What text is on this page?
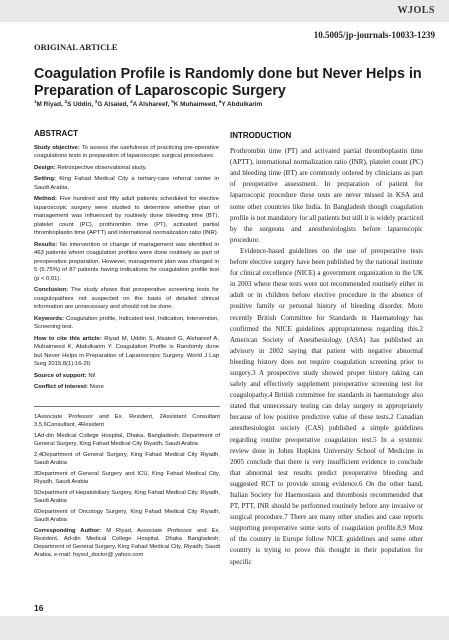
WJOLS
10.5005/jp-journals-10033-1239
ORIGINAL ARTICLE
Coagulation Profile is Randomly done but Never Helps in Preparation of Laparoscopic Surgery
$^1$M Riyad, $^2$S Uddin, $^3$G Alsaied, $^4$A Alshareef, $^5$K Muhaimeed, $^6$Y Abdulkarim
ABSTRACT

Study objective: To assess the usefulness of practicing pre-operative coagulations tests in preparation of laparoscopic surgical procedures.

Design: Retrospective observational study.

Setting: King Fahad Medical City a tertiary-care referral center in Saudi Arabia.

Method: Five hundred and fifty adult patients scheduled for elective laparoscopic surgery were studied to determine whether plan of management was influenced by routinely done bleeding time (BT), platelet count (PC), prothrombin time (PT), activated partial thromboplastin time (APTT) and international normalization ratio (INR).

Results: No intervention or change of management was identified in 463 patients whom coagulation profiles were done routinely as part of preoperative preparation. However, management plan was changed in 5 (5.75%) of 87 patients having indications for coagulation profile test (p < 0.01).

Conclusion: The study shows that preoperative screening tests for coagulopathies not suspected on the basis of detailed clinical information are unnecessary and should not be done.

Keywords: Coagulation profile, Indicated test, Indication, Intervention, Screening test.

How to cite this article: Riyad M, Uddin S, Alsaied G, Alshareef A, Muhaimeed K, Abdulkarim Y. Coagulation Profile is Randomly done but Never Helps in Preparation of Laparoscopic Surgery. World J Lap Surg 2015;8(1):16-20.

Source of support: Nil

Conflict of interest: None

1Associate Professor and Ex. Resident, 2Assistant Consultant 3,5,6Consultant, 4Resident

1Ad-din Medical College Hospital, Dhaka, Bangladesh; Department of General Surgery, King Fahad Medical City Riyadh, Saudi Arabia

2,4Department of General Surgery, King Fahad Medical City Riyadh, Saudi Arabia

3Department of General Surgery and ICU, King Fahad Medical City, Riyadh, Saudi Arabia

5Department of Hepatobiliary Surgery, King Fahad Medical City, Riyadh, Saudi Arabia

6Department of Oncology Surgery, King Fahad Medical City Riyadh, Saudi Arabia

Corresponding Author: M Riyad, Associate Professor and Ex. Resident, Ad-din Medical College Hospital, Dhaka Bangladesh; Department of General Surgery, King Fahad Medical City, Riyadh, Saudi Arabia, e-mail: foysol_doctor@ yahoo.com

INTRODUCTION

Prothrombin time (PT) and activated partial thromboplastin time (APTT), international normalization ratio (INR), platelet count (PC) and bleeding time (BT) are commonly ordered by clinicians as part of preoperative assessment. In preparation of patient for laparoscopic procedure these tests are never missed in KSA and some other countries like India. In Bangladesh though coagulation profile is not mandatory for all patients but still it is widely practiced by the surgeons and anesthesiologists before laparoscopic procedure.

Evidence-based guidelines on the use of preoperative tests before elective surgery have been published by the national institute for clinical excellence (NICE) a government organization in the UK in 2003 where these tests were not recommended routinely either in adult or in children before elective procedure in the absence of positive family or personal history of bleeding disorder. More recently British Committee for Standards in Haematology has confirmed the NICE guidelines appropriateness regarding this.2 American Society of Anesthesiology (ASA) has published an advisory in 2002 saying that patient with negative abnormal bleeding history does not require coagulation screening prior to surgery.3 A prospective study showed proper history taking can safely and effectively supplement preoperative screening test for coagulopathy.4 British committee for standards in haematology also stated that unnecessary testing can delay surgery in appropriately because of low positive predictive value of these tests.2 Canadian anesthesiologist society (CAS) published a simple guidelines regarding routine preoperative coagulation test.5 In a systemic review done in Johns Hopkins University School of Medicine in 2005 conclude that there is very insufficient evidence to conclude that abnormal test results predict preoperative bleeding and suggested RCT to provide strong evidence.6 On the other hand, Italian Society for Haemostasis and thrombosis recommended that PT, PTT, INR should be performed routinely before any invasive or surgical procedure.7 There are many other studies and case reports supporting preoperative some sorts of coagulation profile.8,9 Most of the country in Europe follow NICE guidelines and some other country is trying to prove this thought in their population for specific

16
